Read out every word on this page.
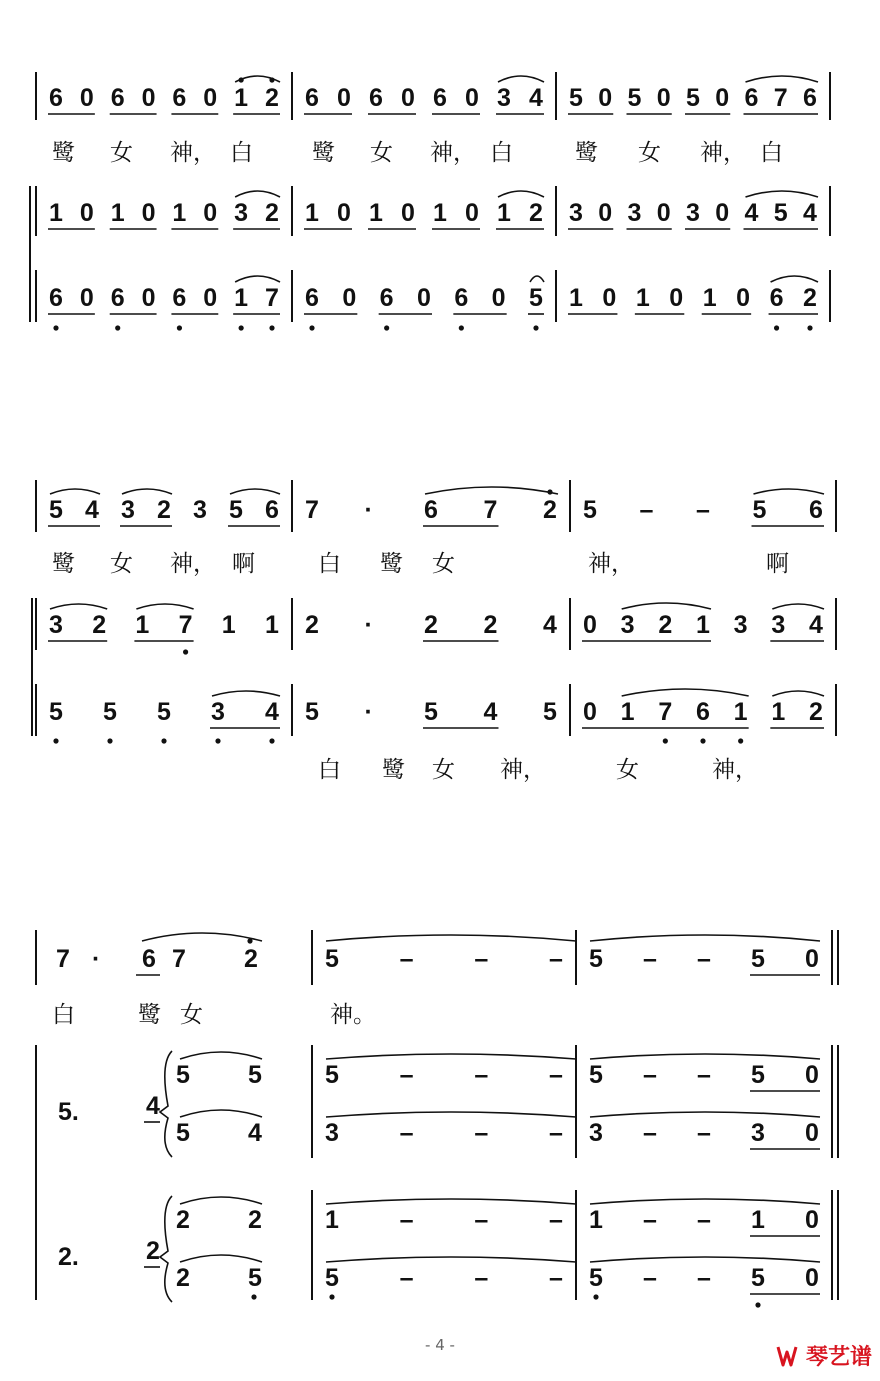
6 0 6 0 6 0 1 2 6 0 6 0 6 0 3 4 5 0 5 0 5 0 6 7 6
1 0 1 0 1 0 3 2 1 0 1 0 1 0 1 2 3 0 3 0 3 0 4 5 4
6 0 6 0 6 0 1 7 6 0 6 0 6 0 5 1 0 1 0 1 0 6 2
鹭 女 神， 白	鹭 女 神， 白	鹭 女 神， 白
5 4 3 2 3 5 6 7 · 6 7 2 5 – – 5 6
3 2 1 7 1 1 2 · 2 2 4 0 3 2 1 3 3 4
5 5 5 3 4 5 · 5 4 5 0 1 7 6 1 1 2
鹭 女 神， 啊	白 鹭 女	神，	啊
白 鹭 女 神，	女	神，
7 · 6 7 2	5 – – – 5 – – 5 0
白	鹭 女	神。
5.	4
5 5
5 4
5 – – – 5 – – 5 0
3 – – – 3 – – 3 0
2.	2
2 2
2 5
1 – – – 1 – – 1 0
5 – – – 5 – – 5 0
- 4 -	琴艺谱
